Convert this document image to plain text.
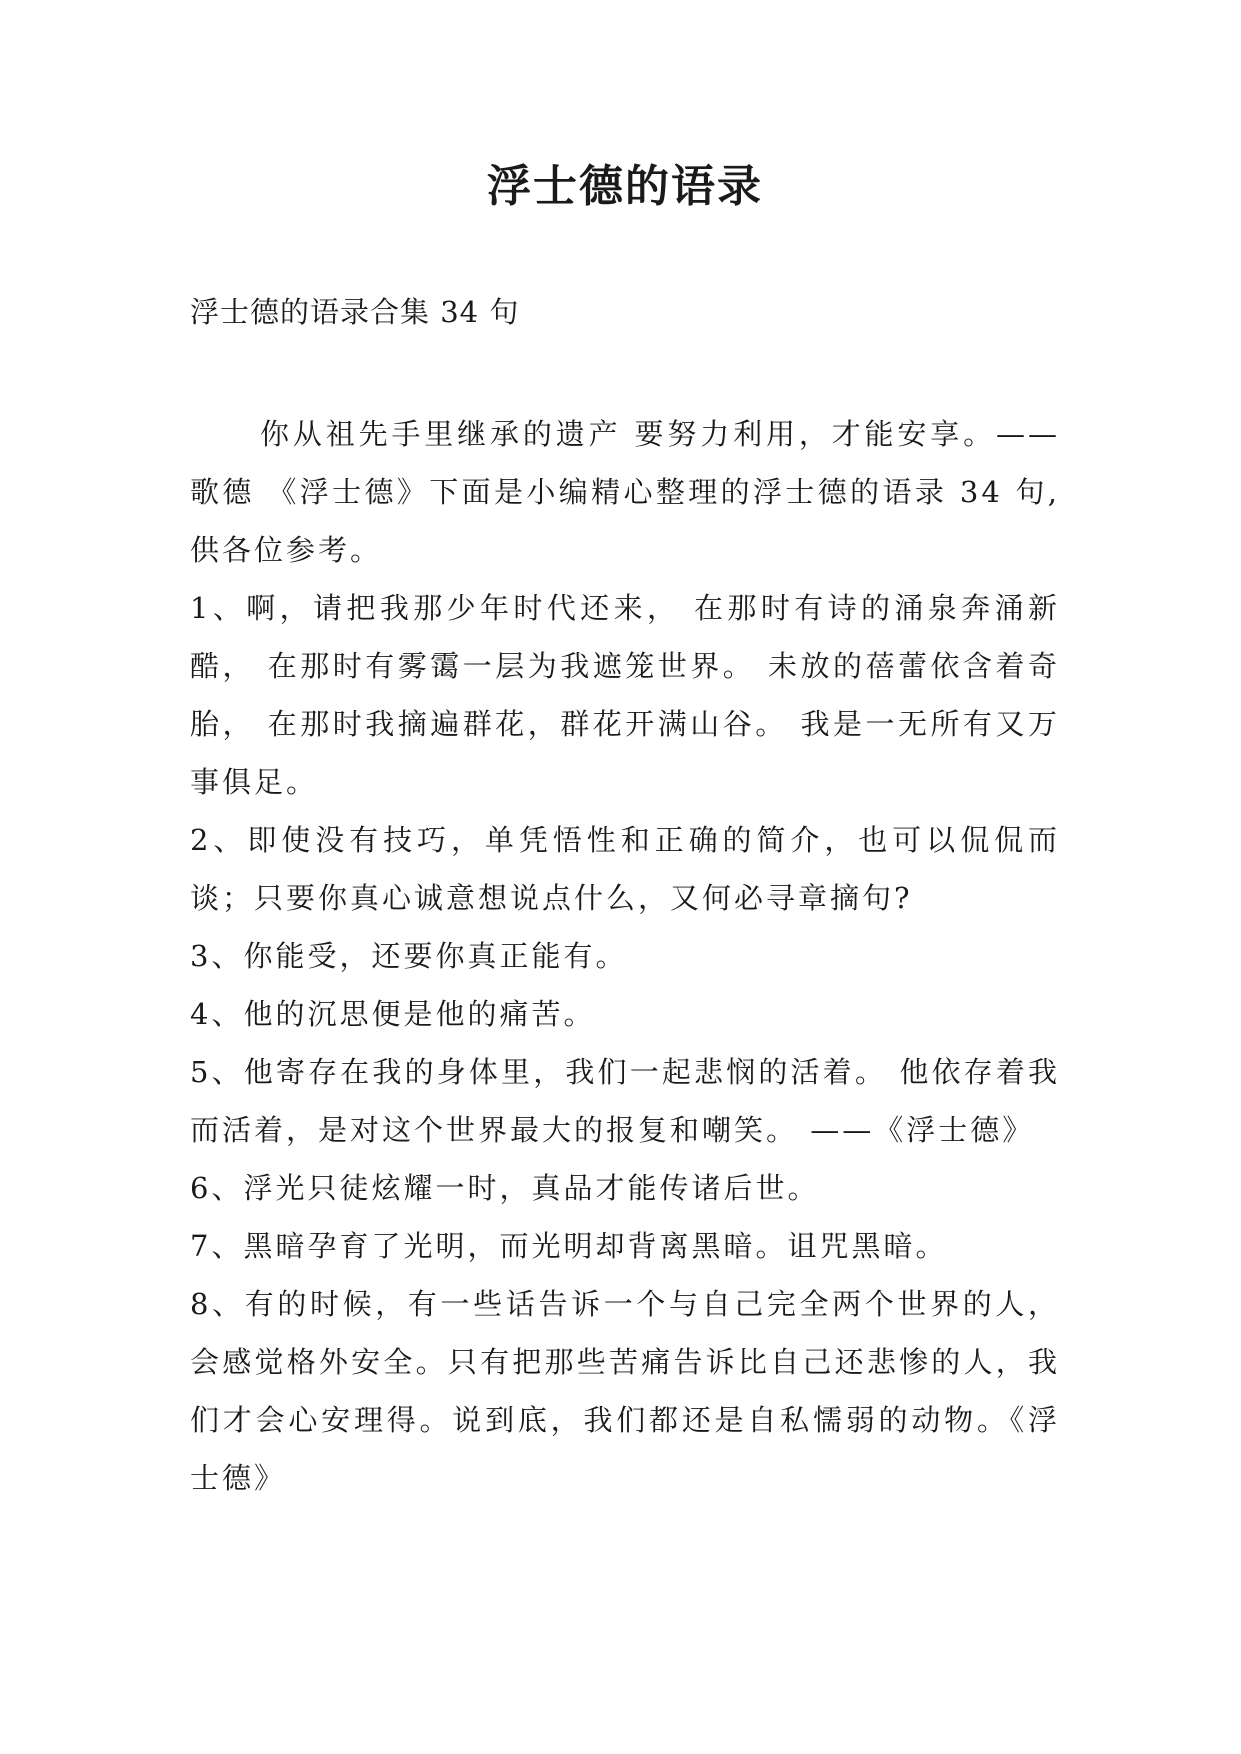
浮士德的语录

浮士德的语录合集 34 句

你从祖先手里继承的遗产 要努力利用，才能安享。——歌德 《浮士德》下面是小编精心整理的浮士德的语录 34 句,供各位参考。

1、啊，请把我那少年时代还来， 在那时有诗的涌泉奔涌新酷， 在那时有雾霭一层为我遮笼世界。 未放的蓓蕾依含着奇胎， 在那时我摘遍群花，群花开满山谷。 我是一无所有又万事俱足。

2、即使没有技巧，单凭悟性和正确的简介，也可以侃侃而谈；只要你真心诚意想说点什么，又何必寻章摘句?

3、你能受，还要你真正能有。

4、他的沉思便是他的痛苦。

5、他寄存在我的身体里，我们一起悲悯的活着。 他依存着我而活着，是对这个世界最大的报复和嘲笑。 ——《浮士德》

6、浮光只徒炫耀一时，真品才能传诸后世。

7、黑暗孕育了光明，而光明却背离黑暗。诅咒黑暗。

8、有的时候，有一些话告诉一个与自己完全两个世界的人，会感觉格外安全。只有把那些苦痛告诉比自己还悲惨的人，我们才会心安理得。说到底，我们都还是自私懦弱的动物。《浮士德》
